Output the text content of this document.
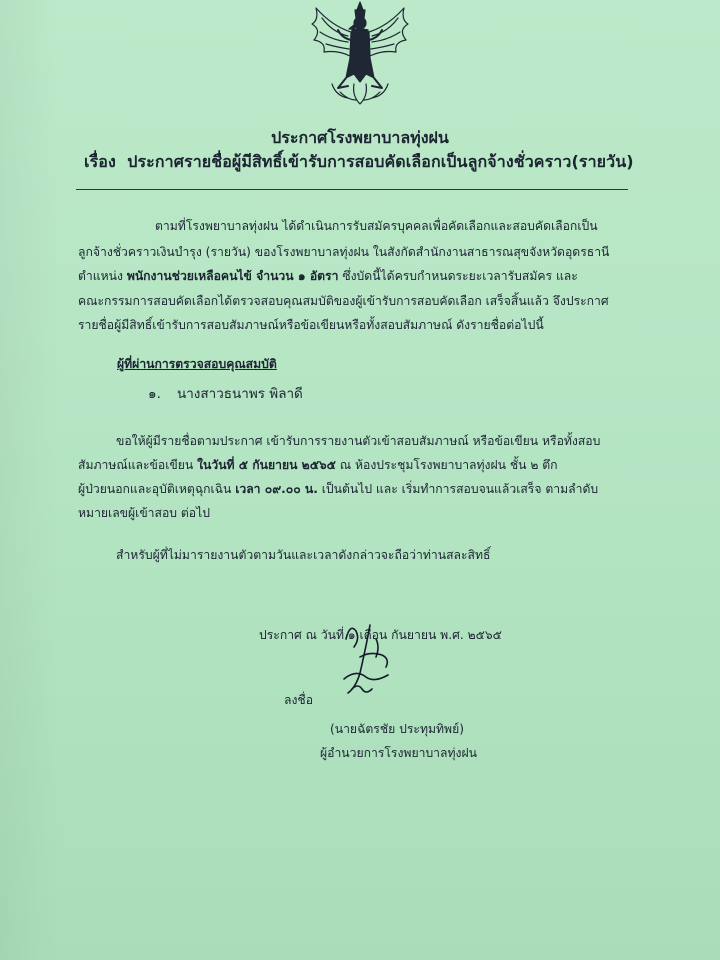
ประกาศโรงพยาบาลทุ่งฝน
เรื่อง ประกาศรายชื่อผู้มีสิทธิ์เข้ารับการสอบคัดเลือกเป็นลูกจ้างชั่วคราว(รายวัน)
ตามที่โรงพยาบาลทุ่งฝน ได้ดำเนินการรับสมัครบุคคลเพื่อคัดเลือกและสอบคัดเลือกเป็น
ลูกจ้างชั่วคราวเงินบำรุง (รายวัน) ของโรงพยาบาลทุ่งฝน ในสังกัดสำนักงานสาธารณสุขจังหวัดอุดรธานี
ตำแหน่ง พนักงานช่วยเหลือคนไข้ จำนวน ๑ อัตรา ซึ่งบัดนี้ได้ครบกำหนดระยะเวลารับสมัคร และ
คณะกรรมการสอบคัดเลือกได้ตรวจสอบคุณสมบัติของผู้เข้ารับการสอบคัดเลือก เสร็จสิ้นแล้ว จึงประกาศ
รายชื่อผู้มีสิทธิ์เข้ารับการสอบสัมภาษณ์หรือข้อเขียนหรือทั้งสอบสัมภาษณ์ ดังรายชื่อต่อไปนี้
ผู้ที่ผ่านการตรวจสอบคุณสมบัติ
๑. นางสาวธนาพร พิลาดี
ขอให้ผู้มีรายชื่อตามประกาศ เข้ารับการรายงานตัวเข้าสอบสัมภาษณ์ หรือข้อเขียน หรือทั้งสอบ
สัมภาษณ์และข้อเขียน ในวันที่ ๕ กันยายน ๒๕๖๕ ณ ห้องประชุมโรงพยาบาลทุ่งฝน ชั้น ๒ ตึก
ผู้ป่วยนอกและอุบัติเหตุฉุกเฉิน เวลา ๐๙.๐๐ น. เป็นต้นไป และ เริ่มทำการสอบจนแล้วเสร็จ ตามลำดับ
หมายเลขผู้เข้าสอบ ต่อไป
สำหรับผู้ที่ไม่มารายงานตัวตามวันและเวลาดังกล่าวจะถือว่าท่านสละสิทธิ์
ประกาศ ณ วันที่ ๑ เดือน กันยายน พ.ศ. ๒๕๖๕
ลงชื่อ
(นายฉัตรชัย ประทุมทิพย์)
ผู้อำนวยการโรงพยาบาลทุ่งฝน
